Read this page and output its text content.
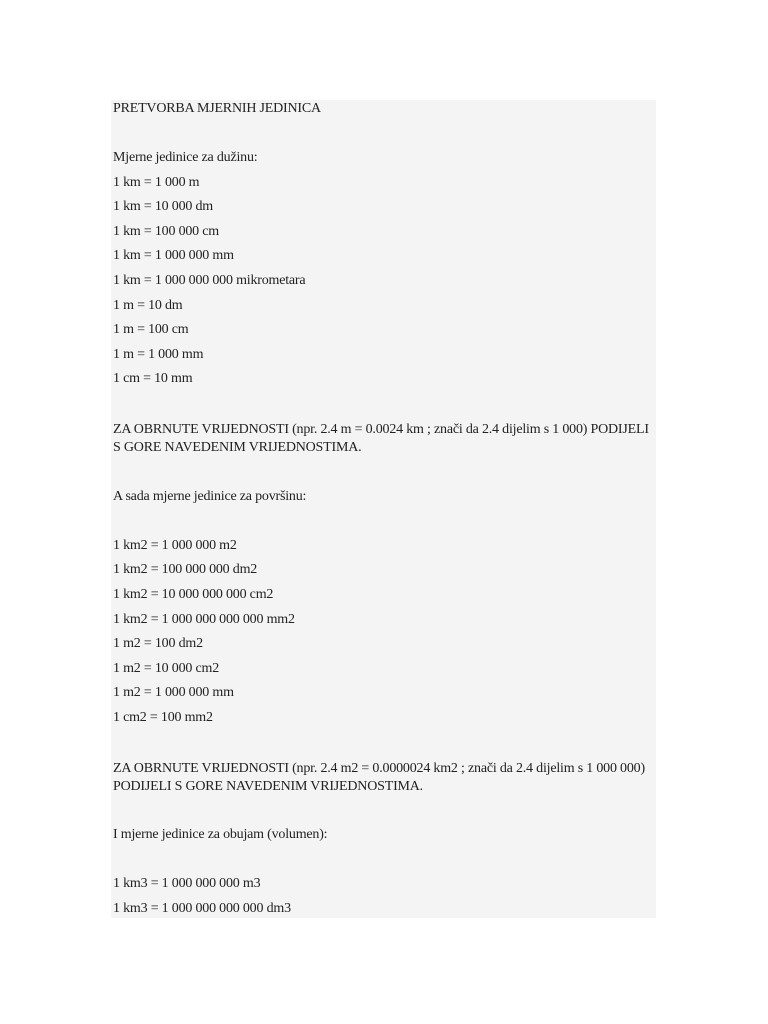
PRETVORBA MJERNIH JEDINICA
Mjerne jedinice za dužinu:
1 km = 1 000 m
1 km = 10 000 dm
1 km = 100 000 cm
1 km = 1 000 000 mm
1 km = 1 000 000 000 mikrometara
1 m = 10 dm
1 m = 100 cm
1 m = 1 000 mm
1 cm = 10 mm
ZA OBRNUTE VRIJEDNOSTI (npr. 2.4 m = 0.0024 km ; znači da 2.4 dijelim s 1 000) PODIJELI S GORE NAVEDENIM VRIJEDNOSTIMA.
A sada mjerne jedinice za površinu:
1 km2 = 1 000 000 m2
1 km2 = 100 000 000 dm2
1 km2 = 10 000 000 000 cm2
1 km2 = 1 000 000 000 000 mm2
1 m2 = 100 dm2
1 m2 = 10 000 cm2
1 m2 = 1 000 000 mm
1 cm2 = 100 mm2
ZA OBRNUTE VRIJEDNOSTI (npr. 2.4 m2 = 0.0000024 km2 ; znači da 2.4 dijelim s 1 000 000) PODIJELI S GORE NAVEDENIM VRIJEDNOSTIMA.
I mjerne jedinice za obujam (volumen):
1 km3 = 1 000 000 000 m3
1 km3 = 1 000 000 000 000 dm3
